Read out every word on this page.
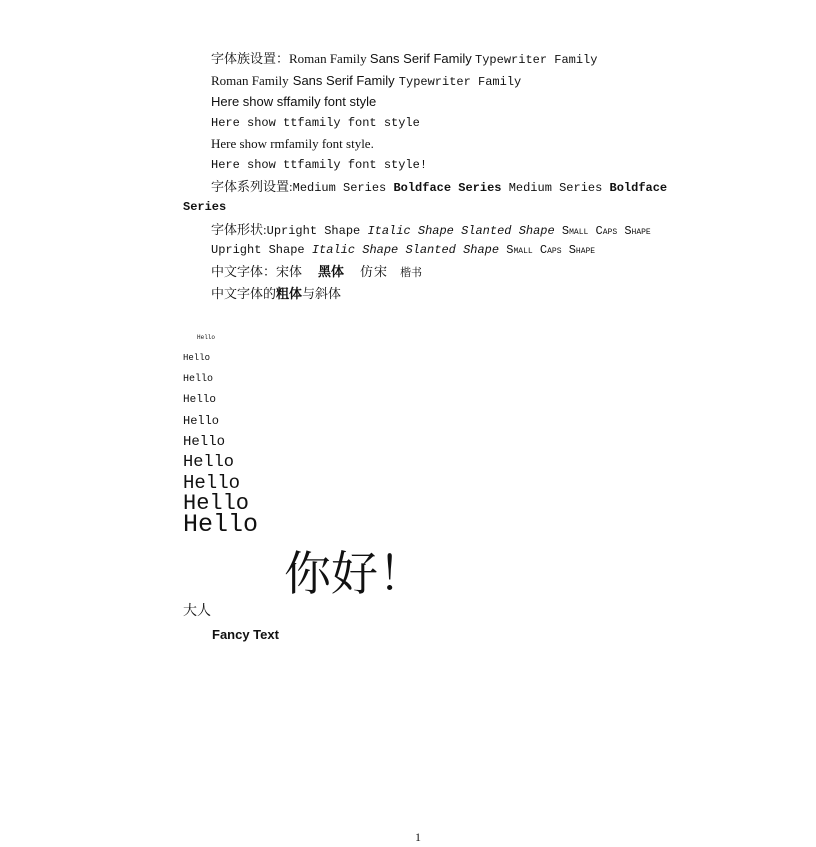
字体族设置：Roman Family Sans Serif Family Typewriter Family
Roman Family Sans Serif Family Typewriter Family
Here show sffamily font style
Here show ttfamily font style
Here show rmfamily font style.
Here show ttfamily font style!
字体系列设置:Medium Series Boldface Series Medium Series Boldface
Series
字体形状:Upright Shape Italic Shape Slanted Shape Small Caps Shape
Upright Shape Italic Shape Slanted Shape Small Caps Shape
中文字体：宋体 黑体 仿宋 楷书
中文字体的粗体与斜体
Hello
Hello
Hello
Hello
Hello
Hello
Hello
Hello
Hello
Hello
你好！
大人
Fancy Text
1
